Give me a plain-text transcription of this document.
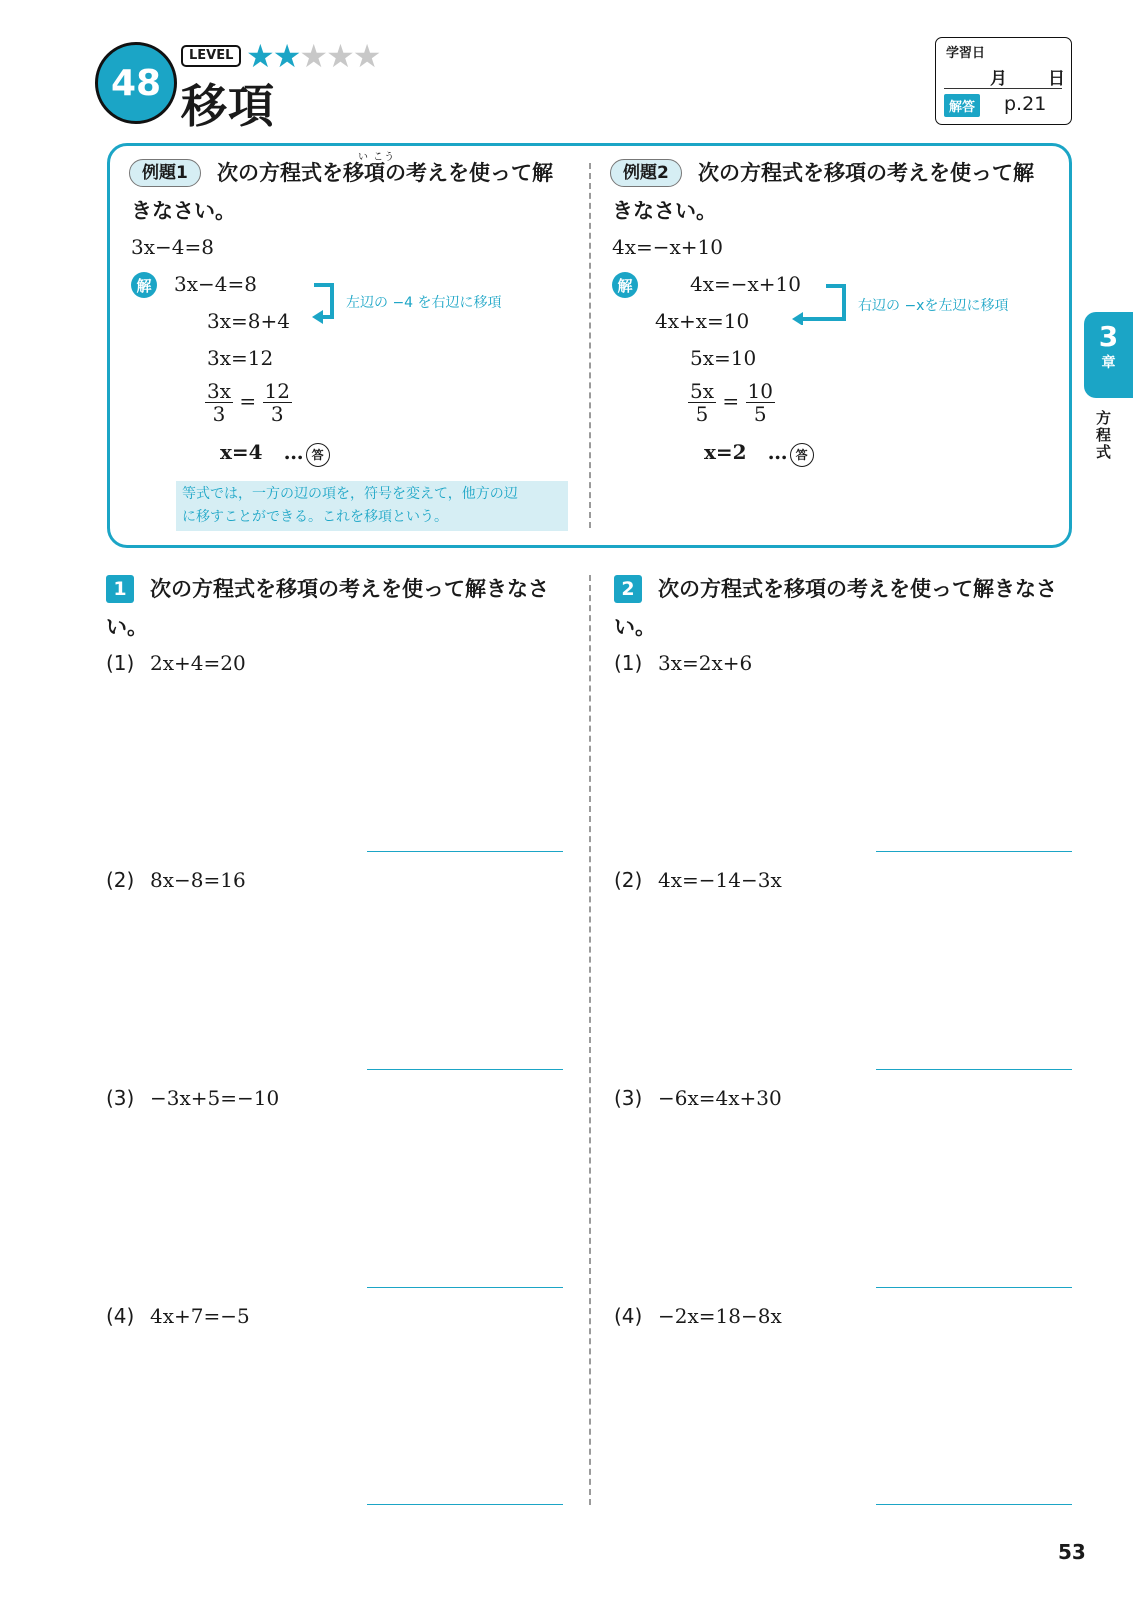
48
LEVEL ★★★★★
移項
学習日
月 日
解答 p.21
例題1
い こう
次の方程式を移項の考えを使って解
きなさい。
3x−4=8
解 3x−4=8
3x=8+4
3x=12
左辺の −4 を右辺に移項
$\frac{3x}{3} = \frac{12}{3}$
x=4 … 答
等式では，一方の辺の項を，符号を変えて，他方の辺
に移すことができる。これを移項という。
例題2	次の方程式を移項の考えを使って解
きなさい。
4x=−x+10
解	4x=−x+10
4x+x=10
5x=10
右辺の −xを左辺に移項
$\frac{5x}{5} = \frac{10}{5}$
x=2 … 答
1	次の方程式を移項の考えを使って解きなさ
い。
(1) 2x+4=20
(2) 8x−8=16
(3) −3x+5=−10
(4) 4x+7=−5
2	次の方程式を移項の考えを使って解きなさ
い。
(1) 3x=2x+6
(2) 4x=−14−3x
(3) −6x=4x+30
(4) −2x=18−8x
3
章
方程式
53
